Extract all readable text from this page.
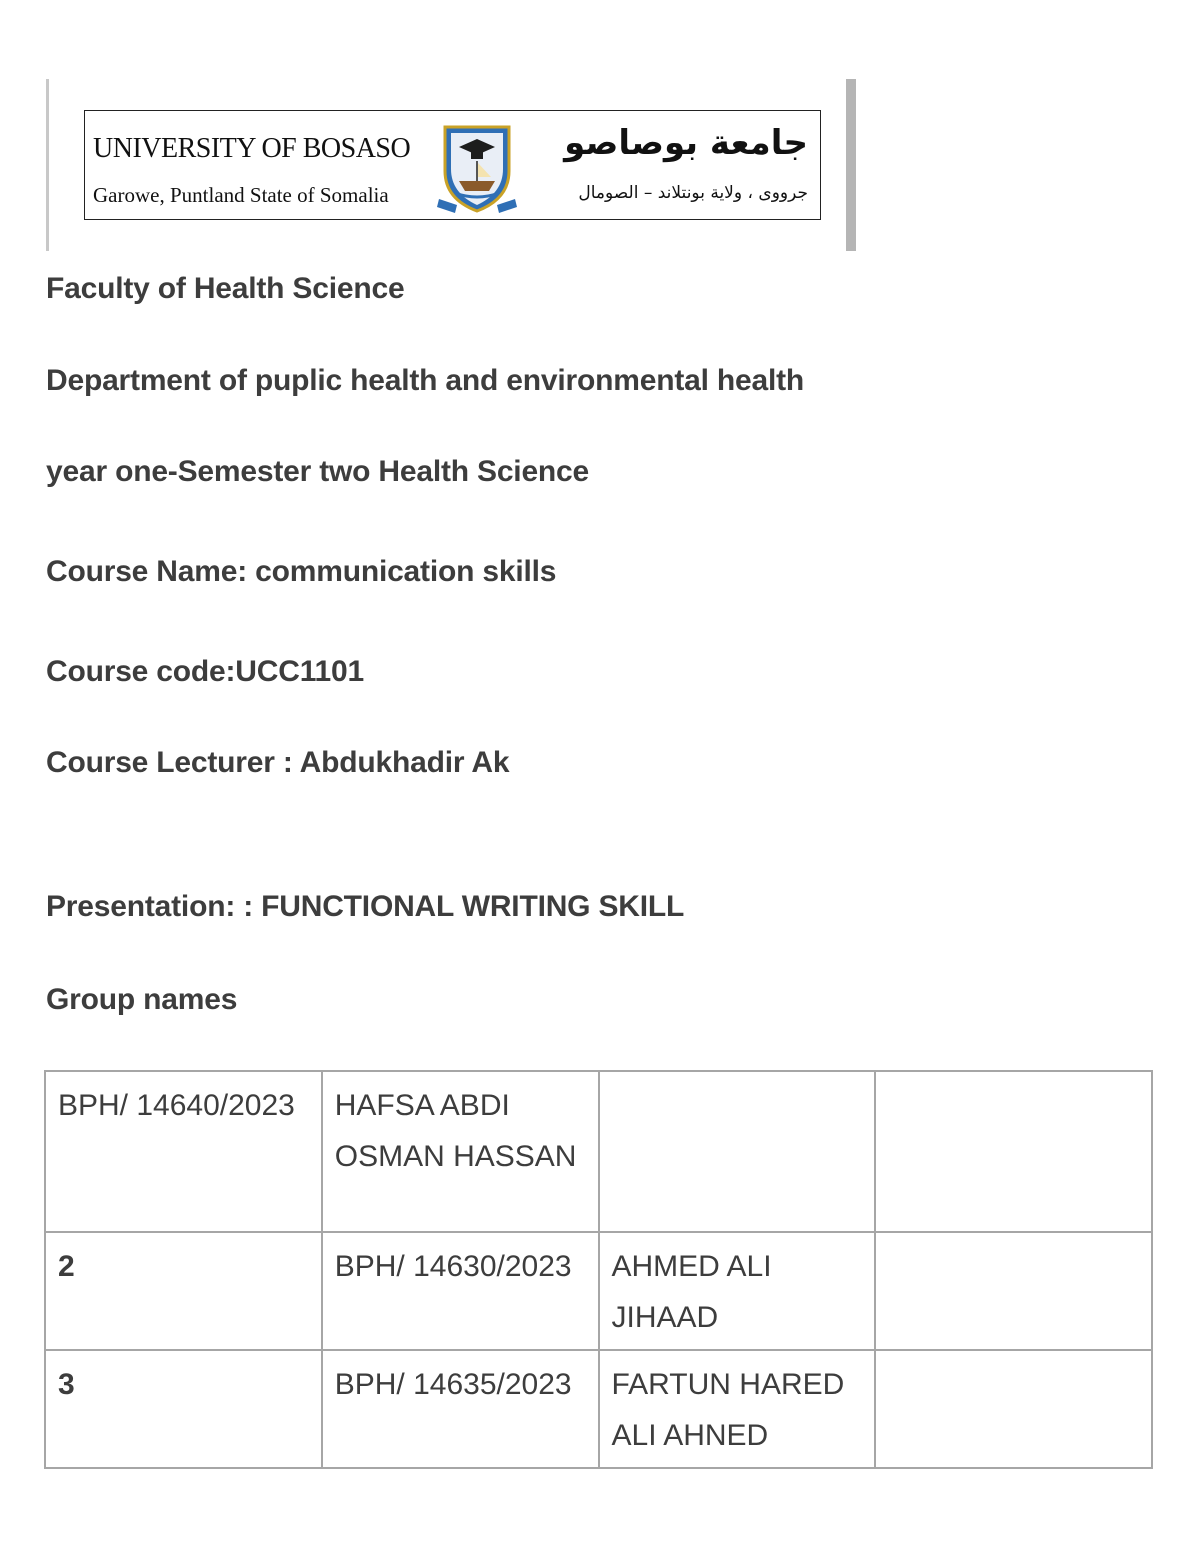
UNIVERSITY OF BOSASO
Garowe, Puntland State of Somalia
جامعة بوصاصو
جرووى ، ولاية بونتلاند – الصومال
Faculty of Health Science
Department of puplic health and environmental health
year one-Semester two Health Science
Course Name: communication skills
Course code:UCC1101
Course Lecturer : Abdukhadir Ak
Presentation: : FUNCTIONAL WRITING SKILL
Group names
BPH/ 14640/2023	HAFSA ABDI OSMAN HASSAN		
2	BPH/ 14630/2023	AHMED ALI JIHAAD	
3	BPH/ 14635/2023	FARTUN HARED ALI AHNED	
